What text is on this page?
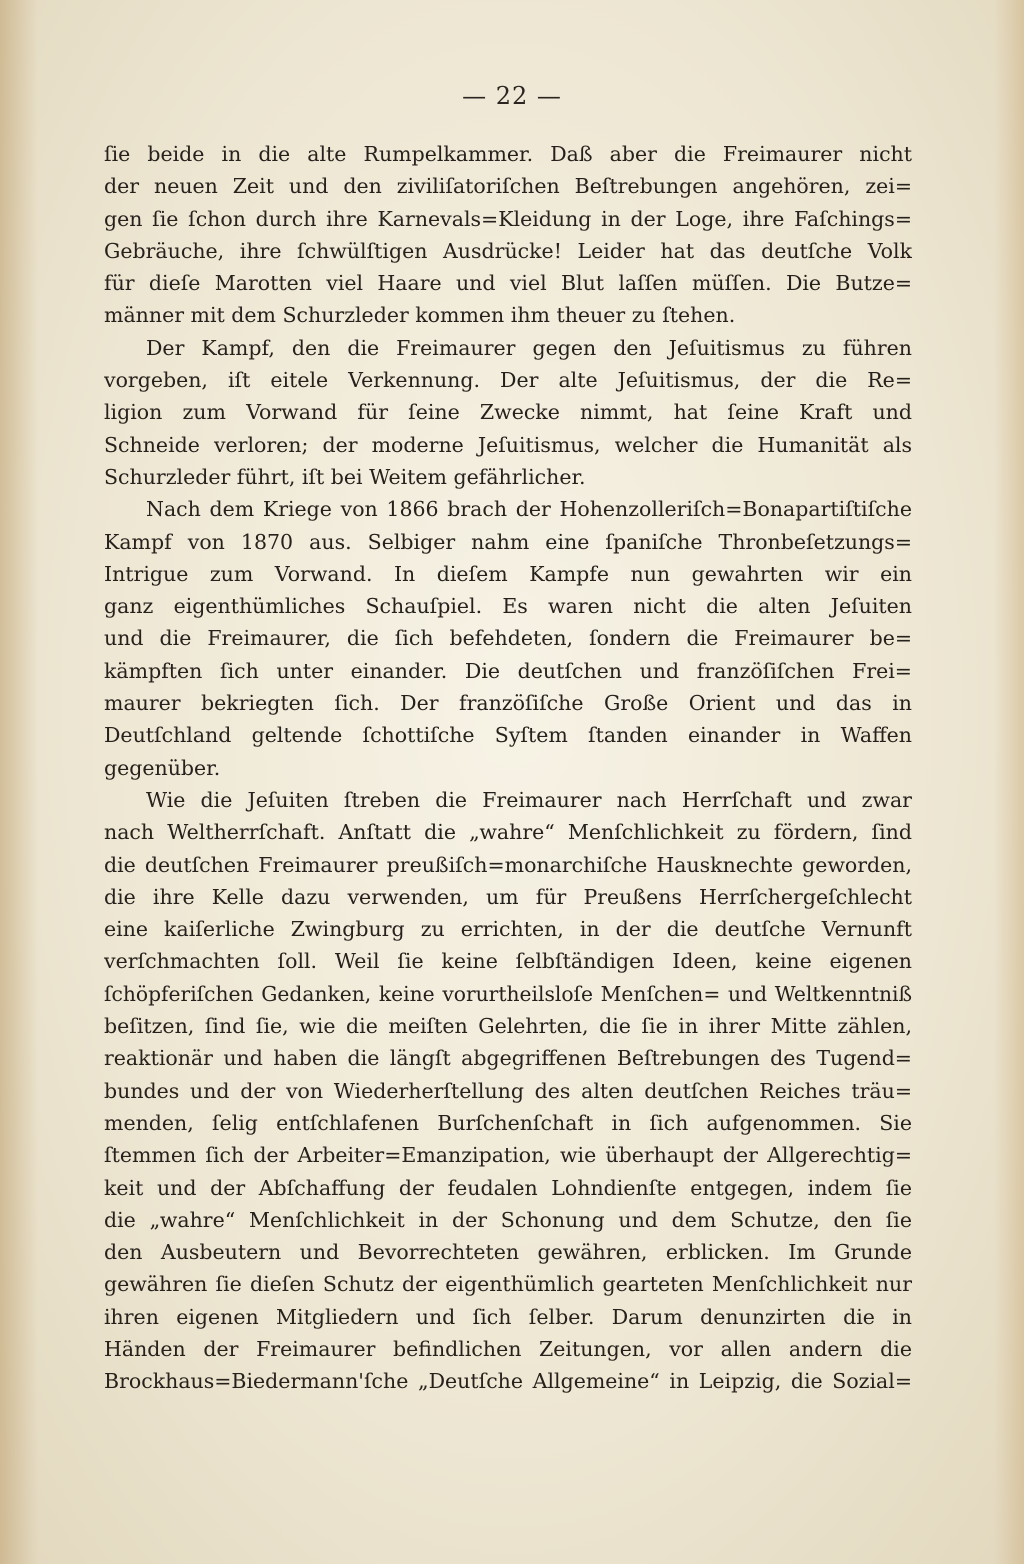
— 22 —
ſie beide in die alte Rumpelkammer. Daß aber die Freimaurer nicht
der neuen Zeit und den ziviliſatoriſchen Beſtrebungen angehören, zei=
gen ſie ſchon durch ihre Karnevals=Kleidung in der Loge, ihre Faſchings=
Gebräuche, ihre ſchwülſtigen Ausdrücke! Leider hat das deutſche Volk
für dieſe Marotten viel Haare und viel Blut laſſen müſſen. Die Butze=
männer mit dem Schurzleder kommen ihm theuer zu ſtehen.
Der Kampf, den die Freimaurer gegen den Jeſuitismus zu führen
vorgeben, iſt eitele Verkennung. Der alte Jeſuitismus, der die Re=
ligion zum Vorwand für ſeine Zwecke nimmt, hat ſeine Kraft und
Schneide verloren; der moderne Jeſuitismus, welcher die Humanität als
Schurzleder führt, iſt bei Weitem gefährlicher.
Nach dem Kriege von 1866 brach der Hohenzolleriſch=Bonapartiſtiſche
Kampf von 1870 aus. Selbiger nahm eine ſpaniſche Thronbeſetzungs=
Intrigue zum Vorwand. In dieſem Kampfe nun gewahrten wir ein
ganz eigenthümliches Schauſpiel. Es waren nicht die alten Jeſuiten
und die Freimaurer, die ſich befehdeten, ſondern die Freimaurer be=
kämpften ſich unter einander. Die deutſchen und franzöſiſchen Frei=
maurer bekriegten ſich. Der franzöſiſche Große Orient und das in
Deutſchland geltende ſchottiſche Syſtem ſtanden einander in Waffen
gegenüber.
Wie die Jeſuiten ſtreben die Freimaurer nach Herrſchaft und zwar
nach Weltherrſchaft. Anſtatt die „wahre“ Menſchlichkeit zu fördern, ſind
die deutſchen Freimaurer preußiſch=monarchiſche Hausknechte geworden,
die ihre Kelle dazu verwenden, um für Preußens Herrſchergeſchlecht
eine kaiſerliche Zwingburg zu errichten, in der die deutſche Vernunft
verſchmachten ſoll. Weil ſie keine ſelbſtändigen Ideen, keine eigenen
ſchöpferiſchen Gedanken, keine vorurtheilsloſe Menſchen= und Weltkenntniß
beſitzen, ſind ſie, wie die meiſten Gelehrten, die ſie in ihrer Mitte zählen,
reaktionär und haben die längſt abgegriffenen Beſtrebungen des Tugend=
bundes und der von Wiederherſtellung des alten deutſchen Reiches träu=
menden, ſelig entſchlafenen Burſchenſchaft in ſich aufgenommen. Sie
ſtemmen ſich der Arbeiter=Emanzipation, wie überhaupt der Allgerechtig=
keit und der Abſchaffung der feudalen Lohndienſte entgegen, indem ſie
die „wahre“ Menſchlichkeit in der Schonung und dem Schutze, den ſie
den Ausbeutern und Bevorrechteten gewähren, erblicken. Im Grunde
gewähren ſie dieſen Schutz der eigenthümlich gearteten Menſchlichkeit nur
ihren eigenen Mitgliedern und ſich ſelber. Darum denunzirten die in
Händen der Freimaurer befindlichen Zeitungen, vor allen andern die
Brockhaus=Biedermann'ſche „Deutſche Allgemeine“ in Leipzig, die Sozial=
